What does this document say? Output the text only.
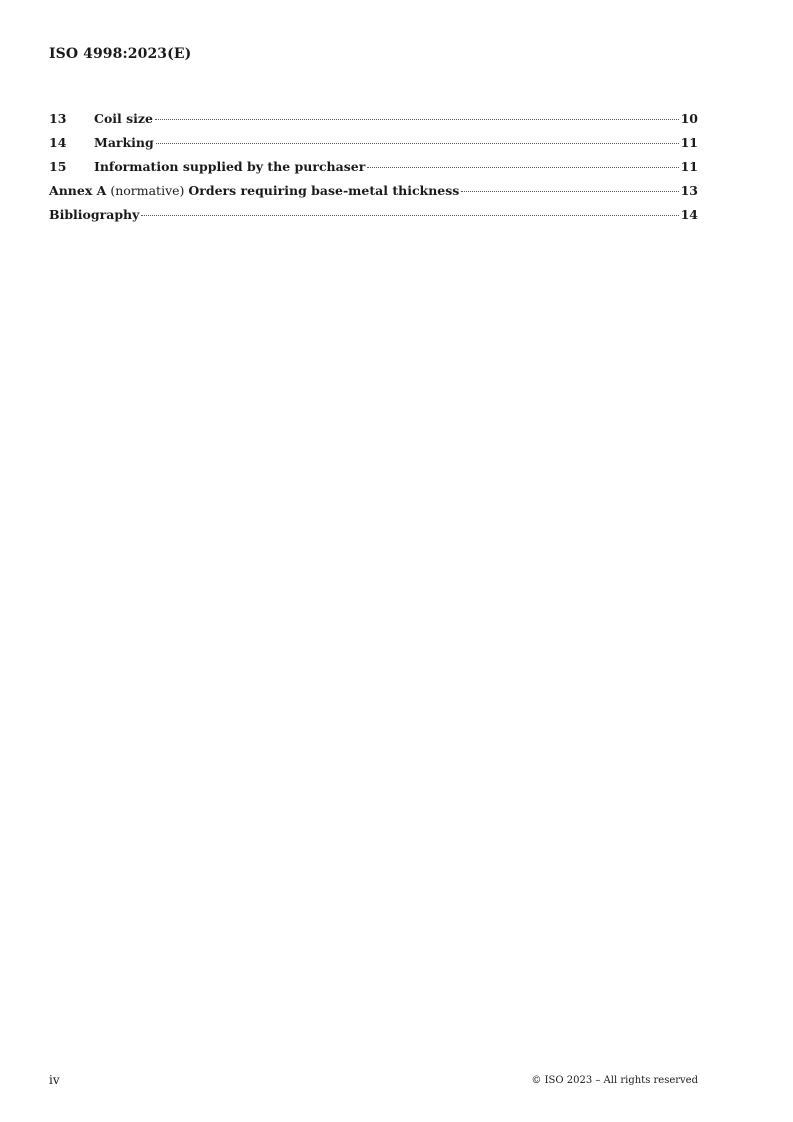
ISO 4998:2023(E)
13	Coil size	10
14	Marking	11
15	Information supplied by the purchaser	11
Annex A (normative) Orders requiring base-metal thickness	13
Bibliography	14
iv	© ISO 2023 – All rights reserved
